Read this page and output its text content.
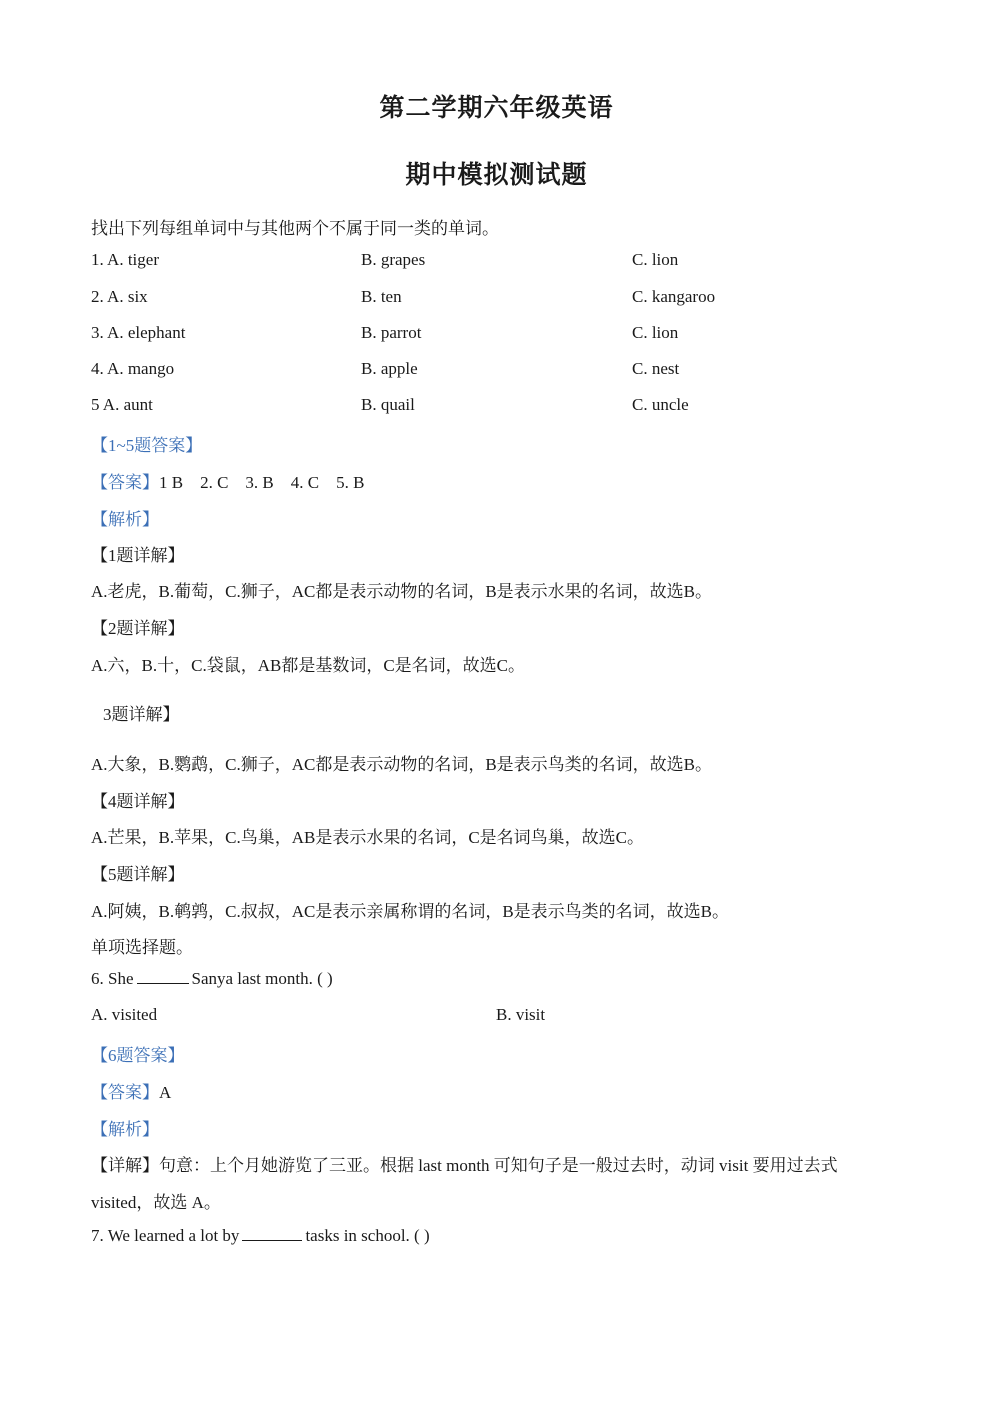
第二学期六年级英语
期中模拟测试题
找出下列每组单词中与其他两个不属于同一类的单词。
1. A. tiger	B. grapes	C. lion
2. A. six	B. ten	C. kangaroo
3. A. elephant	B. parrot	C. lion
4. A. mango	B. apple	C. nest
5 A. aunt	B. quail	C. uncle
【1~5题答案】
【答案】1 B    2. C    3. B    4. C    5. B
【解析】
【1题详解】
A.老虎，B.葡萄，C.狮子，AC都是表示动物的名词，B是表示水果的名词，故选B。
【2题详解】
A.六，B.十，C.袋鼠，AB都是基数词，C是名词，故选C。
3题详解】
A.大象，B.鹦鹉，C.狮子，AC都是表示动物的名词，B是表示鸟类的名词，故选B。
【4题详解】
A.芒果，B.苹果，C.鸟巢，AB是表示水果的名词，C是名词鸟巢，故选C。
【5题详解】
A.阿姨，B.鹌鹑，C.叔叔，AC是表示亲属称谓的名词，B是表示鸟类的名词，故选B。
单项选择题。
6. She	Sanya last month. ( )
A. visited	B. visit
【6题答案】
【答案】A
【解析】
【详解】句意：上个月她游览了三亚。根据 last month 可知句子是一般过去时，动词 visit 要用过去式
visited，故选 A。
7. We learned a lot by	tasks in school. ( )
